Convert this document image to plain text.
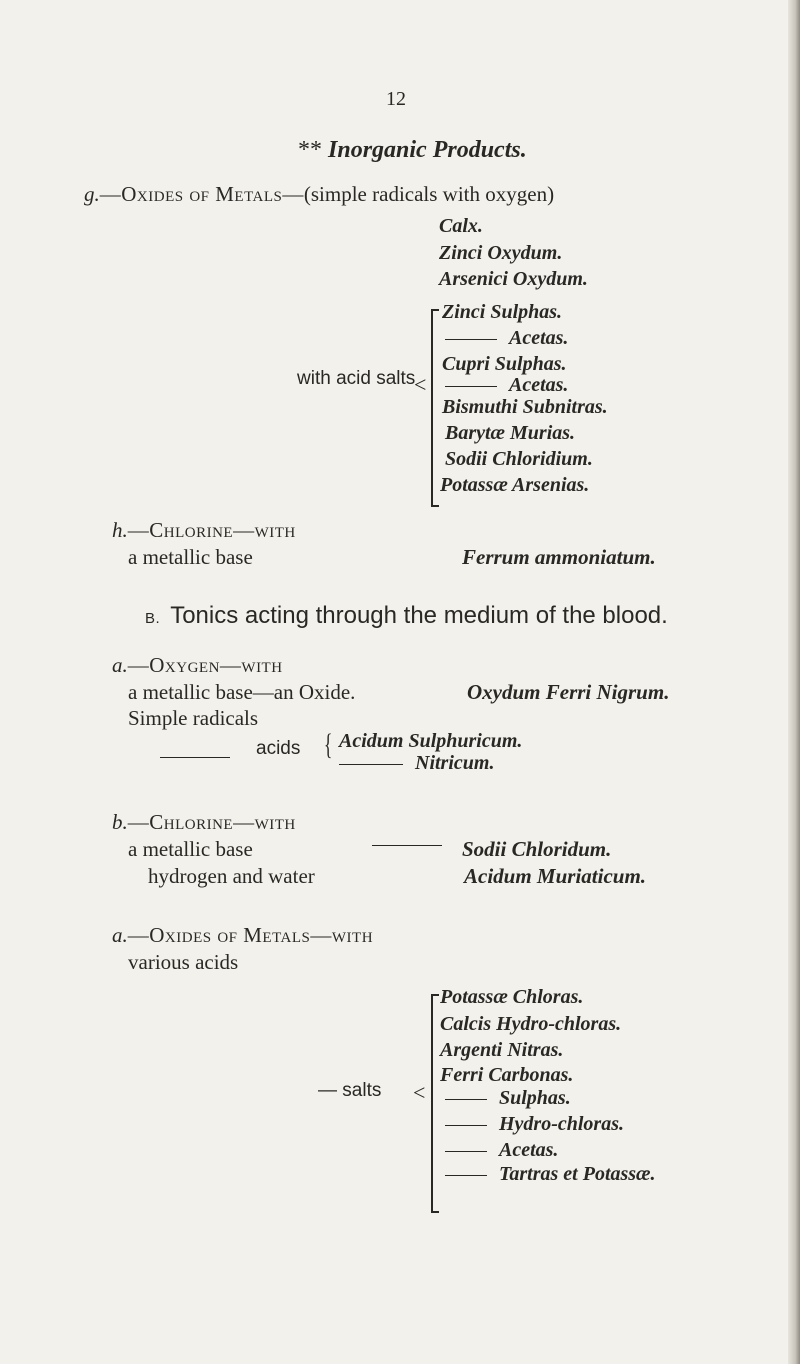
12
** Inorganic Products.
g.—Oxides of Metals—(simple radicals with oxygen)
Calx.
Zinci Oxydum.
Arsenici Oxydum.
with acid salts
<
Zinci Sulphas.
Acetas.
Cupri Sulphas.
Acetas.
Bismuthi Subnitras.
Barytæ Murias.
Sodii Chloridium.
Potassæ Arsenias.
h.—Chlorine—with
a metallic base	Ferrum ammoniatum.
B. Tonics acting through the medium of the blood.
a.—Oxygen—with
a metallic base—an Oxide.	Oxydum Ferri Nigrum.
Simple radicals
acids { Acidum Sulphuricum.
Nitricum.
b.—Chlorine—with
a metallic base	Sodii Chloridum.
hydrogen and water	Acidum Muriaticum.
a.—Oxides of Metals—with
various acids
— salts <
Potassæ Chloras.
Calcis Hydro-chloras.
Argenti Nitras.
Ferri Carbonas.
Sulphas.
Hydro-chloras.
Acetas.
Tartras et Potassæ.
